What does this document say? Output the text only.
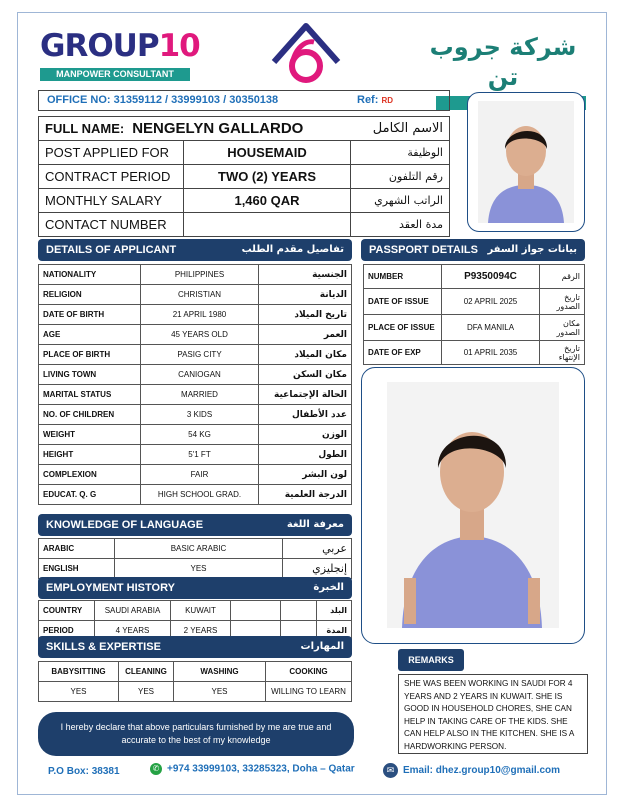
GROUP10
MANPOWER CONSULTANT
شركة جروب تن
OFFICE NO: 31359112 / 33999103 / 30350138	Ref: RD
FULL NAME: NENGELYN GALLARDO		الاسم الكامل
POST APPLIED FOR	HOUSEMAID	الوظيفة
CONTRACT PERIOD	TWO (2) YEARS	رقم التلفون
MONTHLY SALARY	1,460 QAR	الراتب الشهري
CONTACT NUMBER		مدة العقد
DETAILS OF APPLICANT	تفاصيل مقدم الطلب
NATIONALITY	PHILIPPINES	الجنسية
RELIGION	CHRISTIAN	الديانة
DATE OF BIRTH	21 APRIL 1980	تاريخ الميلاد
AGE	45 YEARS OLD	العمر
PLACE OF BIRTH	PASIG CITY	مكان الميلاد
LIVING TOWN	CANIOGAN	مكان السكن
MARITAL STATUS	MARRIED	الحالة الإجتماعية
NO. OF CHILDREN	3 KIDS	عدد الأطفال
WEIGHT	54 KG	الوزن
HEIGHT	5'1 FT	الطول
COMPLEXION	FAIR	لون البشر
EDUCAT. Q. G	HIGH SCHOOL GRAD.	الدرجة العلمية
PASSPORT DETAILS بيانات جواز السفر
NUMBER	P9350094C	الرقم
DATE OF ISSUE	02 APRIL 2025	تاريخ الصدور
PLACE OF ISSUE	DFA MANILA	مكان الصدور
DATE OF EXP	01 APRIL 2035	تاريخ الإنتهاء
KNOWLEDGE OF LANGUAGE	معرفة اللغة
ARABIC	BASIC ARABIC	عربي
ENGLISH	YES	إنجليزي
EMPLOYMENT HISTORY	الخبرة
COUNTRY	SAUDI ARABIA	KUWAIT			البلد
PERIOD	4 YEARS	2 YEARS			المدة
SKILLS & EXPERTISE	المهارات
BABYSITTING	CLEANING	WASHING	COOKING
YES	YES	YES	WILLING TO LEARN
I hereby declare that above particulars furnished by me are true and accurate to the best of my knowledge
REMARKS
SHE WAS BEEN WORKING IN SAUDI FOR 4 YEARS AND 2 YEARS IN KUWAIT. SHE IS GOOD IN HOUSEHOLD CHORES, SHE CAN HELP IN TAKING CARE OF THE KIDS. SHE CAN HELP ALSO IN THE KITCHEN. SHE IS A HARDWORKING PERSON.
P.O Box: 38381	✆ +974 33999103, 33285323, Doha – Qatar	✉ Email: dhez.group10@gmail.com
